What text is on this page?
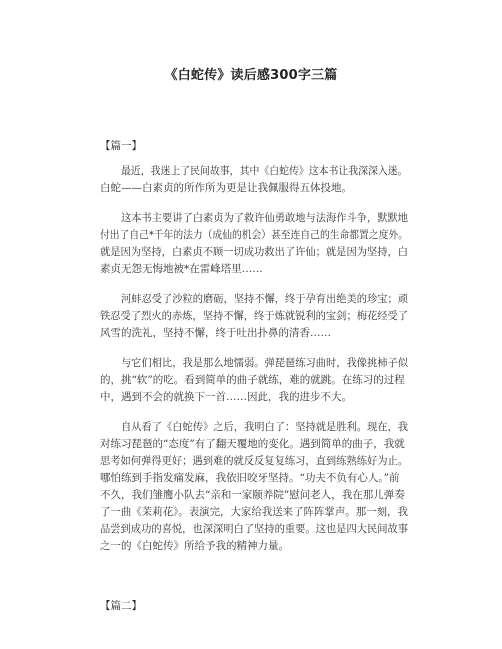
《白蛇传》读后感300字三篇
【篇一】
最近，我迷上了民间故事，其中《白蛇传》这本书让我深深入迷。
白蛇——白素贞的所作所为更是让我佩服得五体投地。
这本书主要讲了白素贞为了救许仙勇敢地与法海作斗争，默默地
付出了自己*千年的法力（成仙的机会）甚至连自己的生命都置之度外。
就是因为坚持，白素贞不顾一切成功救出了许仙；就是因为坚持，白
素贞无怨无悔地被*在雷峰塔里……
河蚌忍受了沙粒的磨砺，坚持不懈，终于孕育出绝美的珍宝；顽
铁忍受了烈火的赤炼，坚持不懈，终于炼就锐利的宝剑；梅花经受了
风雪的洗礼，坚持不懈，终于吐出扑鼻的清香……
与它们相比，我是那么地懦弱。弹琵琶练习曲时，我像挑柿子似
的，挑“软”的吃。看到简单的曲子就练，难的就跳。在练习的过程
中，遇到不会的就换下一首……因此，我的进步不大。
自从看了《白蛇传》之后，我明白了：坚持就是胜利。现在，我
对练习琵琶的“态度”有了翻天覆地的变化。遇到简单的曲子，我就
思考如何弹得更好；遇到难的就反反复复练习，直到练熟练好为止。
哪怕练到手指发痛发麻，我依旧咬牙坚持。“功夫不负有心人。”前
不久，我们雏鹰小队去“亲和一家颐养院”慰问老人，我在那儿弹奏
了一曲《茉莉花》。表演完，大家给我送来了阵阵掌声。那一刻，我
品尝到成功的喜悦，也深深明白了坚持的重要。这也是四大民间故事
之一的《白蛇传》所给予我的精神力量。
【篇二】
